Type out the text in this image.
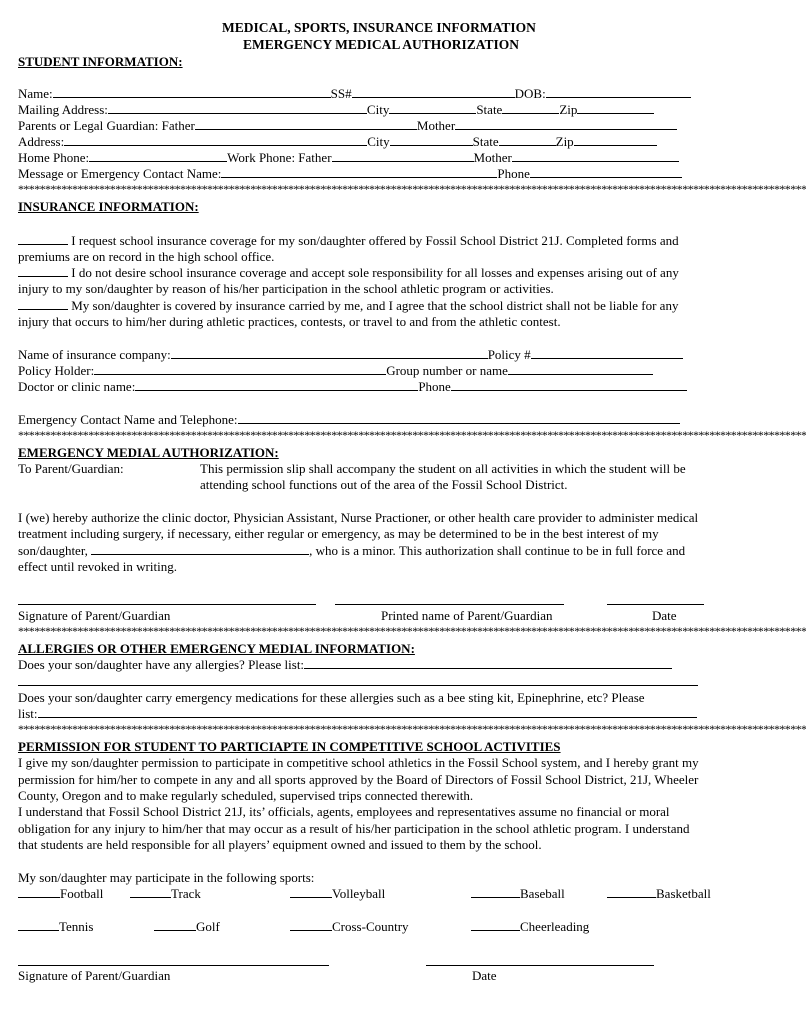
MEDICAL, SPORTS, INSURANCE INFORMATION
EMERGENCY MEDICAL AUTHORIZATION
STUDENT INFORMATION:
Name:	SS#	DOB:
Mailing Address:	City	State	Zip
Parents or Legal Guardian: Father	Mother
Address:	City	State	Zip
Home Phone:	Work Phone: Father	Mother
Message or Emergency Contact Name:	Phone
**************************************************************************************************************************************************
INSURANCE INFORMATION:
I request school insurance coverage for my son/daughter offered by Fossil School District 21J. Completed forms and
premiums are on record in the high school office.
I do not desire school insurance coverage and accept sole responsibility for all losses and expenses arising out of any
injury to my son/daughter by reason of his/her participation in the school athletic program or activities.
My son/daughter is covered by insurance carried by me, and I agree that the school district shall not be liable for any
injury that occurs to him/her during athletic practices, contests, or travel to and from the athletic contest.
Name of insurance company:	Policy #
Policy Holder:	Group number or name
Doctor or clinic name:	Phone
Emergency Contact Name and Telephone:
**************************************************************************************************************************************************
EMERGENCY MEDIAL AUTHORIZATION:
To Parent/Guardian:	This permission slip shall accompany the student on all activities in which the student will be
attending school functions out of the area of the Fossil School District.
I (we) hereby authorize the clinic doctor, Physician Assistant, Nurse Practioner, or other health care provider to administer medical
treatment including surgery, if necessary, either regular or emergency, as may be determined to be in the best interest of my
son/daughter,	, who is a minor. This authorization shall continue to be in full force and
effect until revoked in writing.
Signature of Parent/Guardian	Printed name of Parent/Guardian	Date
**************************************************************************************************************************************************
ALLERGIES OR OTHER EMERGENCY MEDIAL INFORMATION:
Does your son/daughter have any allergies? Please list:
Does your son/daughter carry emergency medications for these allergies such as a bee sting kit, Epinephrine, etc? Please
list:
**************************************************************************************************************************************************
PERMISSION FOR STUDENT TO PARTICIAPTE IN COMPETITIVE SCHOOL ACTIVITIES
I give my son/daughter permission to participate in competitive school athletics in the Fossil School system, and I hereby grant my
permission for him/her to compete in any and all sports approved by the Board of Directors of Fossil School District, 21J, Wheeler
County, Oregon and to make regularly scheduled, supervised trips connected therewith.
I understand that Fossil School District 21J, its’ officials, agents, employees and representatives assume no financial or moral
obligation for any injury to him/her that may occur as a result of his/her participation in the school athletic program. I understand
that students are held responsible for all players’ equipment owned and issued to them by the school.
My son/daughter may participate in the following sports:
Football	Track	Volleyball	Baseball	Basketball
Tennis	Golf	Cross-Country	Cheerleading
Signature of Parent/Guardian	Date
